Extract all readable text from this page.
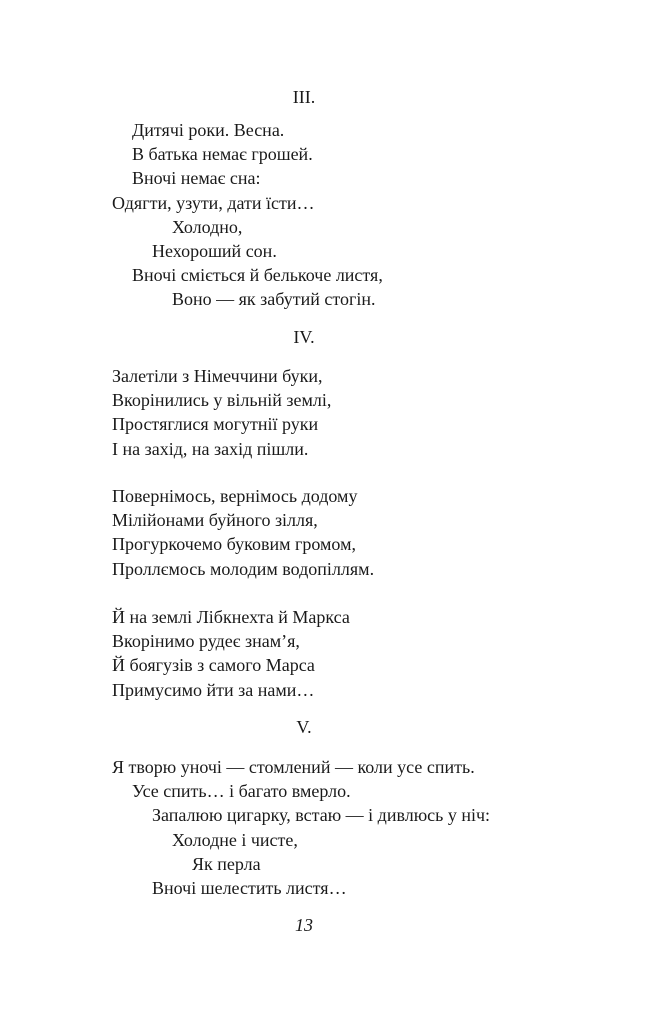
III.
Дитячі роки. Весна.
В батька немає грошей.
Вночі немає сна:
Одягти, узути, дати їсти…
Холодно,
Нехороший сон.
Вночі сміється й белькоче листя,
Воно — як забутий стогін.
IV.
Залетіли з Німеччини буки,
Вкорінились у вільній землі,
Простяглися могутнії руки
І на захід, на захід пішли.
Повернімось, вернімось додому
Мілійонами буйного зілля,
Прогуркочемо буковим громом,
Проллємось молодим водопіллям.
Й на землі Лібкнехта й Маркса
Вкорінимо рудеє знам’я,
Й боягузів з самого Марса
Примусимо йти за нами…
V.
Я творю уночі — стомлений — коли усе спить.
Усе спить… і багато вмерло.
Запалюю цигарку, встаю — і дивлюсь у ніч:
Холодне і чисте,
Як перла
Вночі шелестить листя…
13
